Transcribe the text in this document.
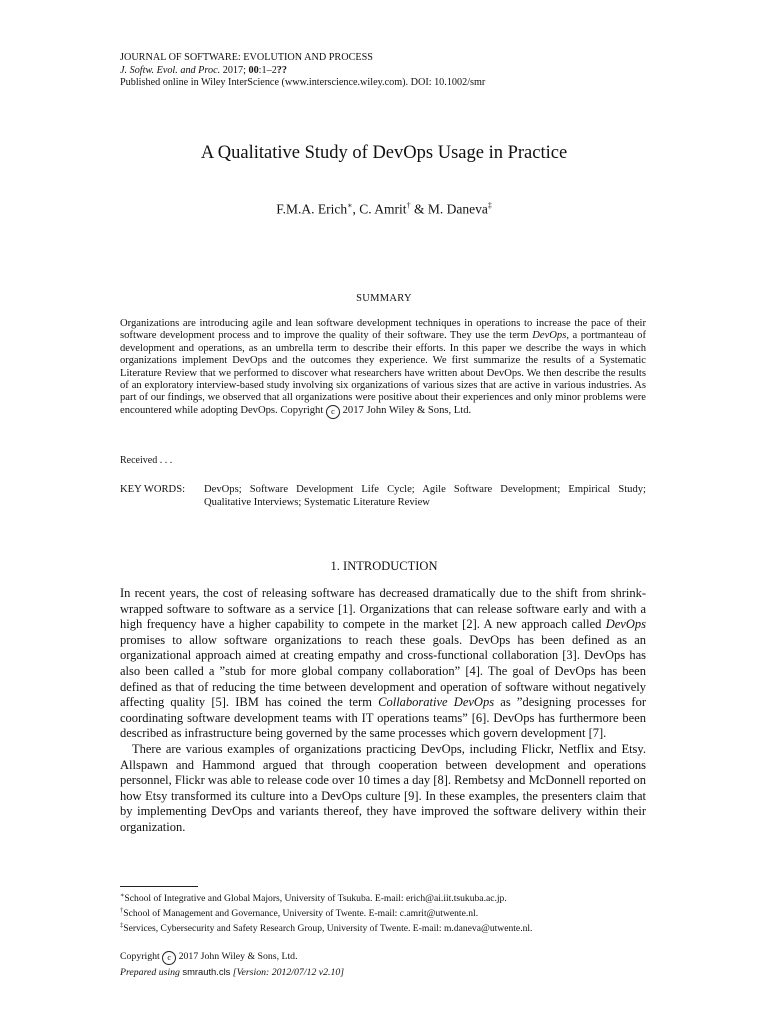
JOURNAL OF SOFTWARE: EVOLUTION AND PROCESS
J. Softw. Evol. and Proc. 2017; 00:1–2??
Published online in Wiley InterScience (www.interscience.wiley.com). DOI: 10.1002/smr
A Qualitative Study of DevOps Usage in Practice
F.M.A. Erich∗, C. Amrit† & M. Daneva‡
SUMMARY
Organizations are introducing agile and lean software development techniques in operations to increase the pace of their software development process and to improve the quality of their software. They use the term DevOps, a portmanteau of development and operations, as an umbrella term to describe their efforts. In this paper we describe the ways in which organizations implement DevOps and the outcomes they experience. We first summarize the results of a Systematic Literature Review that we performed to discover what researchers have written about DevOps. We then describe the results of an exploratory interview-based study involving six organizations of various sizes that are active in various industries. As part of our findings, we observed that all organizations were positive about their experiences and only minor problems were encountered while adopting DevOps. Copyright c 2017 John Wiley & Sons, Ltd.
Received . . .
KEY WORDS:	DevOps; Software Development Life Cycle; Agile Software Development; Empirical Study; Qualitative Interviews; Systematic Literature Review
1. INTRODUCTION

In recent years, the cost of releasing software has decreased dramatically due to the shift from shrink-wrapped software to software as a service [1]. Organizations that can release software early and with a high frequency have a higher capability to compete in the market [2]. A new approach called DevOps promises to allow software organizations to reach these goals. DevOps has been defined as an organizational approach aimed at creating empathy and cross-functional collaboration [3]. DevOps has also been called a ”stub for more global company collaboration” [4]. The goal of DevOps has been defined as that of reducing the time between development and operation of software without negatively affecting quality [5]. IBM has coined the term Collaborative DevOps as ”designing processes for coordinating software development teams with IT operations teams” [6]. DevOps has furthermore been described as infrastructure being governed by the same processes which govern development [7].

There are various examples of organizations practicing DevOps, including Flickr, Netflix and Etsy. Allspawn and Hammond argued that through cooperation between development and operations personnel, Flickr was able to release code over 10 times a day [8]. Rembetsy and McDonnell reported on how Etsy transformed its culture into a DevOps culture [9]. In these examples, the presenters claim that by implementing DevOps and variants thereof, they have improved the software delivery within their organization.

∗School of Integrative and Global Majors, University of Tsukuba. E-mail: erich@ai.iit.tsukuba.ac.jp.
†School of Management and Governance, University of Twente. E-mail: c.amrit@utwente.nl.
‡Services, Cybersecurity and Safety Research Group, University of Twente. E-mail: m.daneva@utwente.nl.
Copyright c 2017 John Wiley & Sons, Ltd.
Prepared using smrauth.cls [Version: 2012/07/12 v2.10]
